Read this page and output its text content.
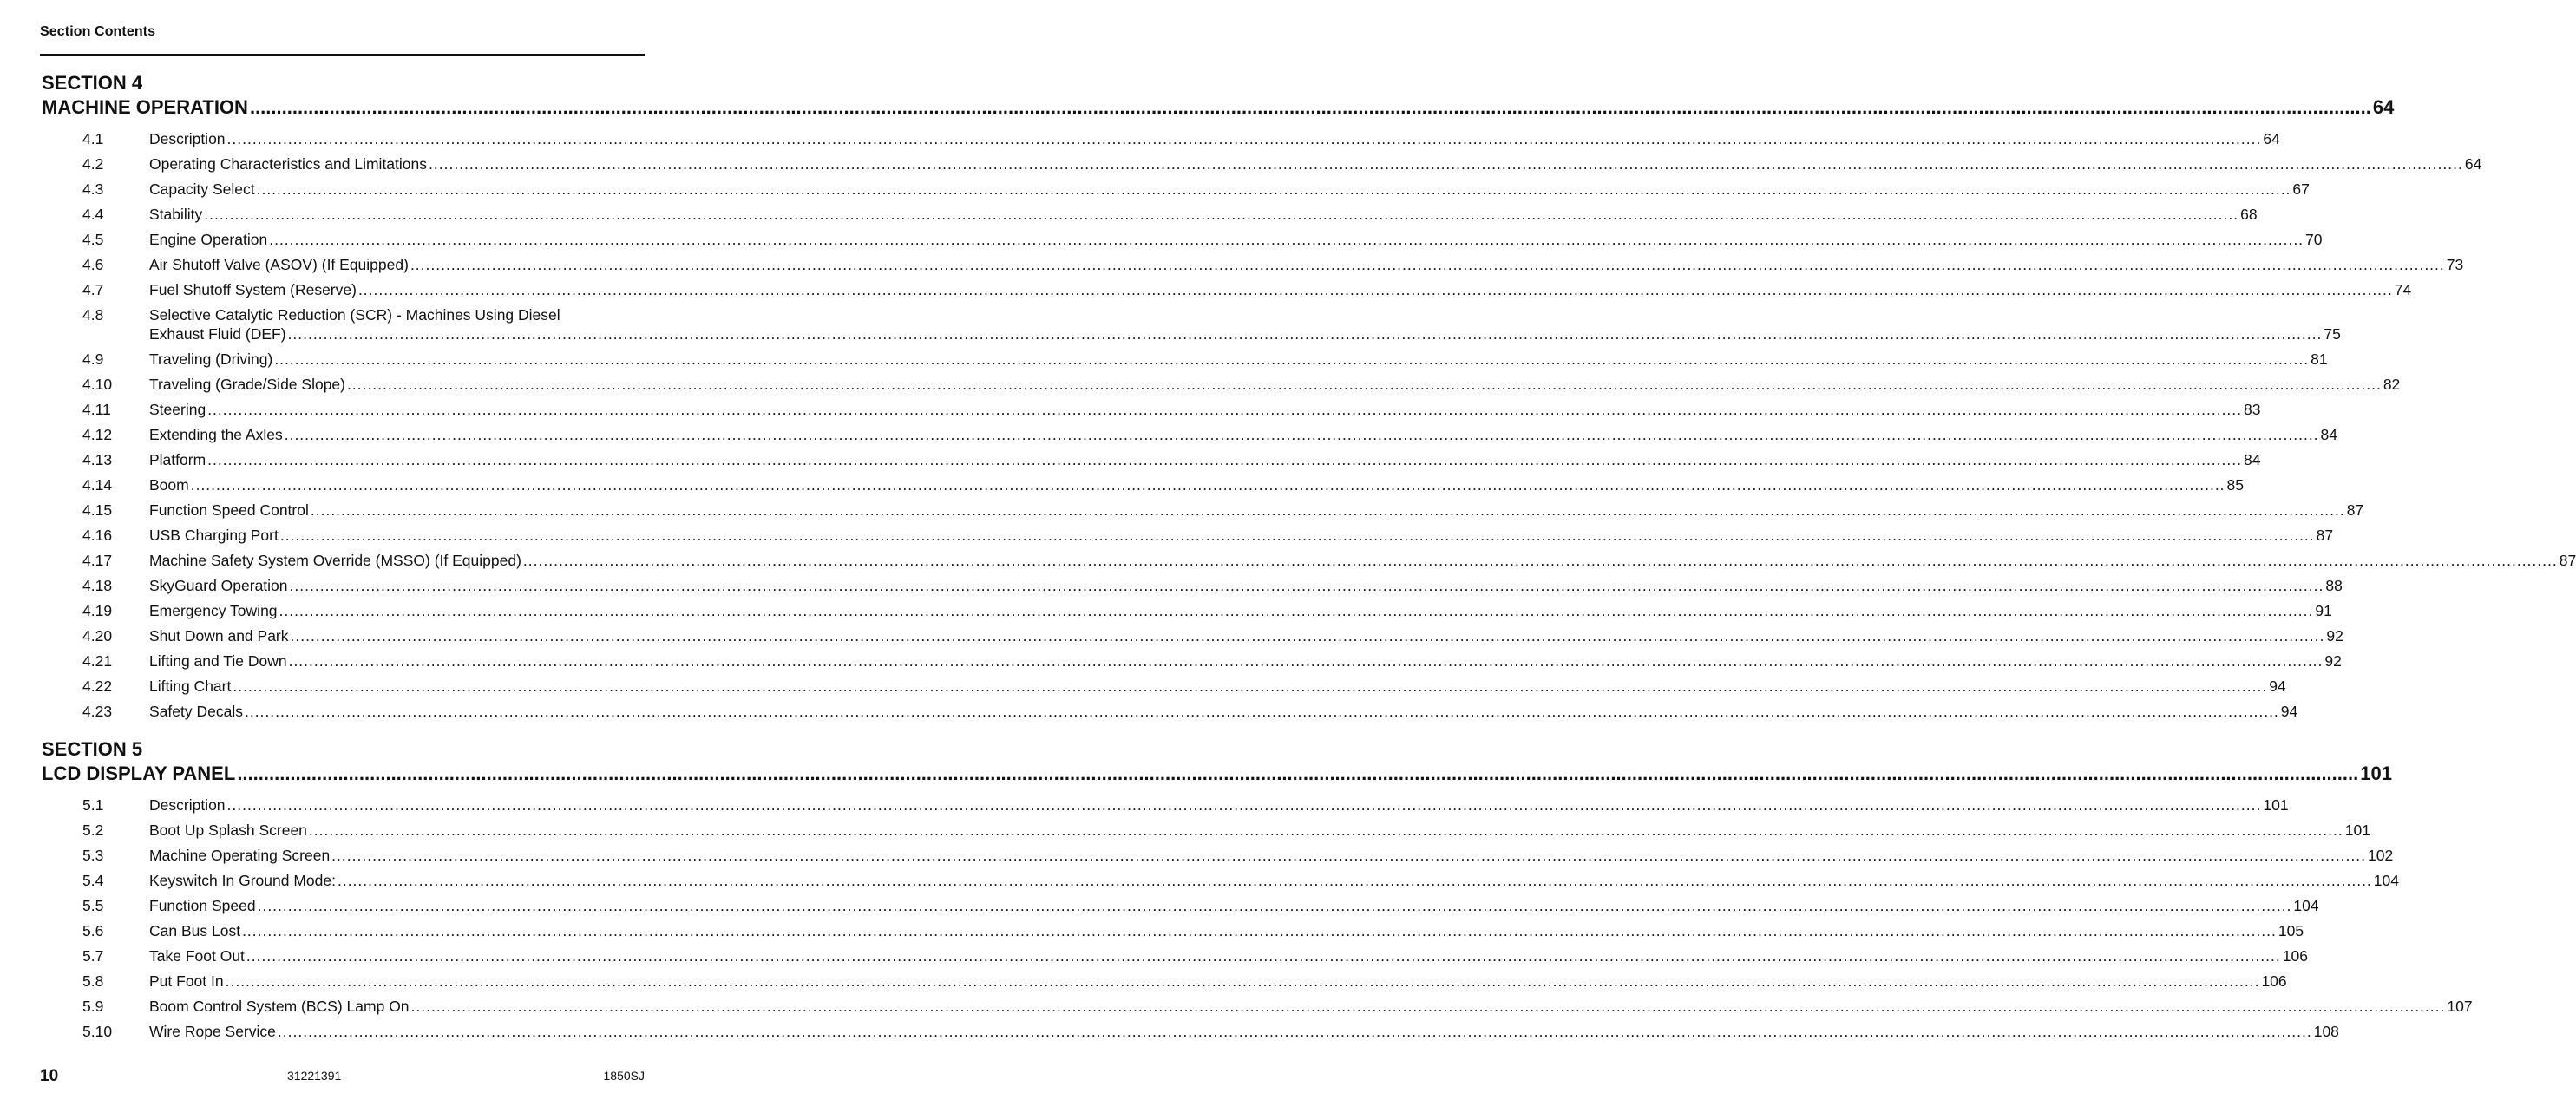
Section Contents
SECTION 4
MACHINE OPERATION ................................................................................................................................................................................................................................................................................................................................................................................................................ 64
4.1	Description ................................................................................................................................................................................................................................................................................................................................................................................................................ 64
4.2	Operating Characteristics and Limitations ................................................................................................................................................................................................................................................................................................................................................................................................................ 64
4.3	Capacity Select ................................................................................................................................................................................................................................................................................................................................................................................................................ 67
4.4	Stability ................................................................................................................................................................................................................................................................................................................................................................................................................ 68
4.5	Engine Operation ................................................................................................................................................................................................................................................................................................................................................................................................................ 70
4.6	Air Shutoff Valve (ASOV) (If Equipped) ................................................................................................................................................................................................................................................................................................................................................................................................................ 73
4.7	Fuel Shutoff System (Reserve) ................................................................................................................................................................................................................................................................................................................................................................................................................ 74
4.8	Selective Catalytic Reduction (SCR) - Machines Using Diesel
Exhaust Fluid (DEF) ................................................................................................................................................................................................................................................................................................................................................................................................................ 75
4.9	Traveling (Driving) ................................................................................................................................................................................................................................................................................................................................................................................................................ 81
4.10	Traveling (Grade/Side Slope) ................................................................................................................................................................................................................................................................................................................................................................................................................ 82
4.11	Steering ................................................................................................................................................................................................................................................................................................................................................................................................................ 83
4.12	Extending the Axles ................................................................................................................................................................................................................................................................................................................................................................................................................ 84
4.13	Platform ................................................................................................................................................................................................................................................................................................................................................................................................................ 84
4.14	Boom ................................................................................................................................................................................................................................................................................................................................................................................................................ 85
4.15	Function Speed Control ................................................................................................................................................................................................................................................................................................................................................................................................................ 87
4.16	USB Charging Port ................................................................................................................................................................................................................................................................................................................................................................................................................ 87
4.17	Machine Safety System Override (MSSO) (If Equipped) ................................................................................................................................................................................................................................................................................................................................................................................................................ 87
4.18	SkyGuard Operation ................................................................................................................................................................................................................................................................................................................................................................................................................ 88
4.19	Emergency Towing ................................................................................................................................................................................................................................................................................................................................................................................................................ 91
4.20	Shut Down and Park ................................................................................................................................................................................................................................................................................................................................................................................................................ 92
4.21	Lifting and Tie Down ................................................................................................................................................................................................................................................................................................................................................................................................................ 92
4.22	Lifting Chart ................................................................................................................................................................................................................................................................................................................................................................................................................ 94
4.23	Safety Decals ................................................................................................................................................................................................................................................................................................................................................................................................................ 94
SECTION 5
LCD DISPLAY PANEL ................................................................................................................................................................................................................................................................................................................................................................................................................ 101
5.1	Description ................................................................................................................................................................................................................................................................................................................................................................................................................ 101
5.2	Boot Up Splash Screen ................................................................................................................................................................................................................................................................................................................................................................................................................ 101
5.3	Machine Operating Screen ................................................................................................................................................................................................................................................................................................................................................................................................................ 102
5.4	Keyswitch In Ground Mode: ................................................................................................................................................................................................................................................................................................................................................................................................................ 104
5.5	Function Speed ................................................................................................................................................................................................................................................................................................................................................................................................................ 104
5.6	Can Bus Lost ................................................................................................................................................................................................................................................................................................................................................................................................................ 105
5.7	Take Foot Out ................................................................................................................................................................................................................................................................................................................................................................................................................ 106
5.8	Put Foot In ................................................................................................................................................................................................................................................................................................................................................................................................................ 106
5.9	Boom Control System (BCS) Lamp On ................................................................................................................................................................................................................................................................................................................................................................................................................ 107
5.10	Wire Rope Service ................................................................................................................................................................................................................................................................................................................................................................................................................ 108
10	31221391	1850SJ
